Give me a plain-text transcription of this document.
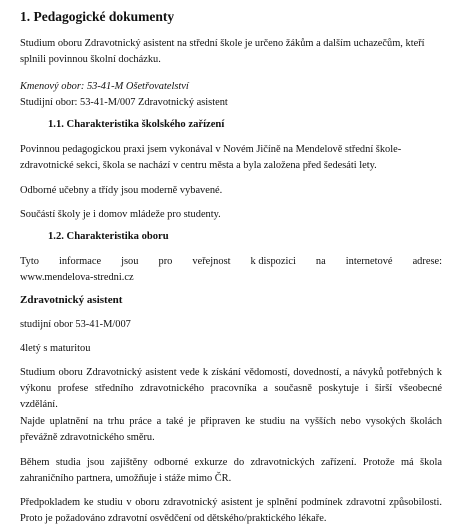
1. Pedagogické dokumenty
Studium oboru Zdravotnický asistent na střední škole je určeno žákům a dalším uchazečům, kteří
splnili povinnou školní docházku.
Kmenový obor: 53-41-M Ošetřovatelství
Studijní obor: 53-41-M/007 Zdravotnický asistent
1.1. Charakteristika školského zařízení
Povinnou pedagogickou praxi jsem vykonával v Novém Jičíně na Mendelově střední škole-
zdravotnické sekci, škola se nachází v centru města a byla založena před šedesáti lety.
Odborné učebny a třídy jsou moderně vybavené.
Součástí školy je i domov mládeže pro studenty.
1.2. Charakteristika oboru
Tyto informace jsou pro veřejnost k dispozici na internetové adrese:
www.mendelova-stredni.cz
Zdravotnický asistent
studijní obor 53-41-M/007
4letý s maturitou
Studium oboru Zdravotnický asistent vede k získání vědomostí, dovedností, a návyků potřebných k výkonu profese středního zdravotnického pracovníka a současně poskytuje i širší všeobecné vzdělání.
Najde uplatnění na trhu práce a také je připraven ke studiu na vyšších nebo vysokých školách převážně zdravotnického směru.
Během studia jsou zajištěny odborné exkurze do zdravotnických zařízení. Protože má škola zahraničního partnera, umožňuje i stáže mimo ČR.
Předpokladem ke studiu v oboru zdravotnický asistent je splnění podmínek zdravotní způsobilosti. Proto je požadováno zdravotní osvědčení od dětského/praktického lékaře.
